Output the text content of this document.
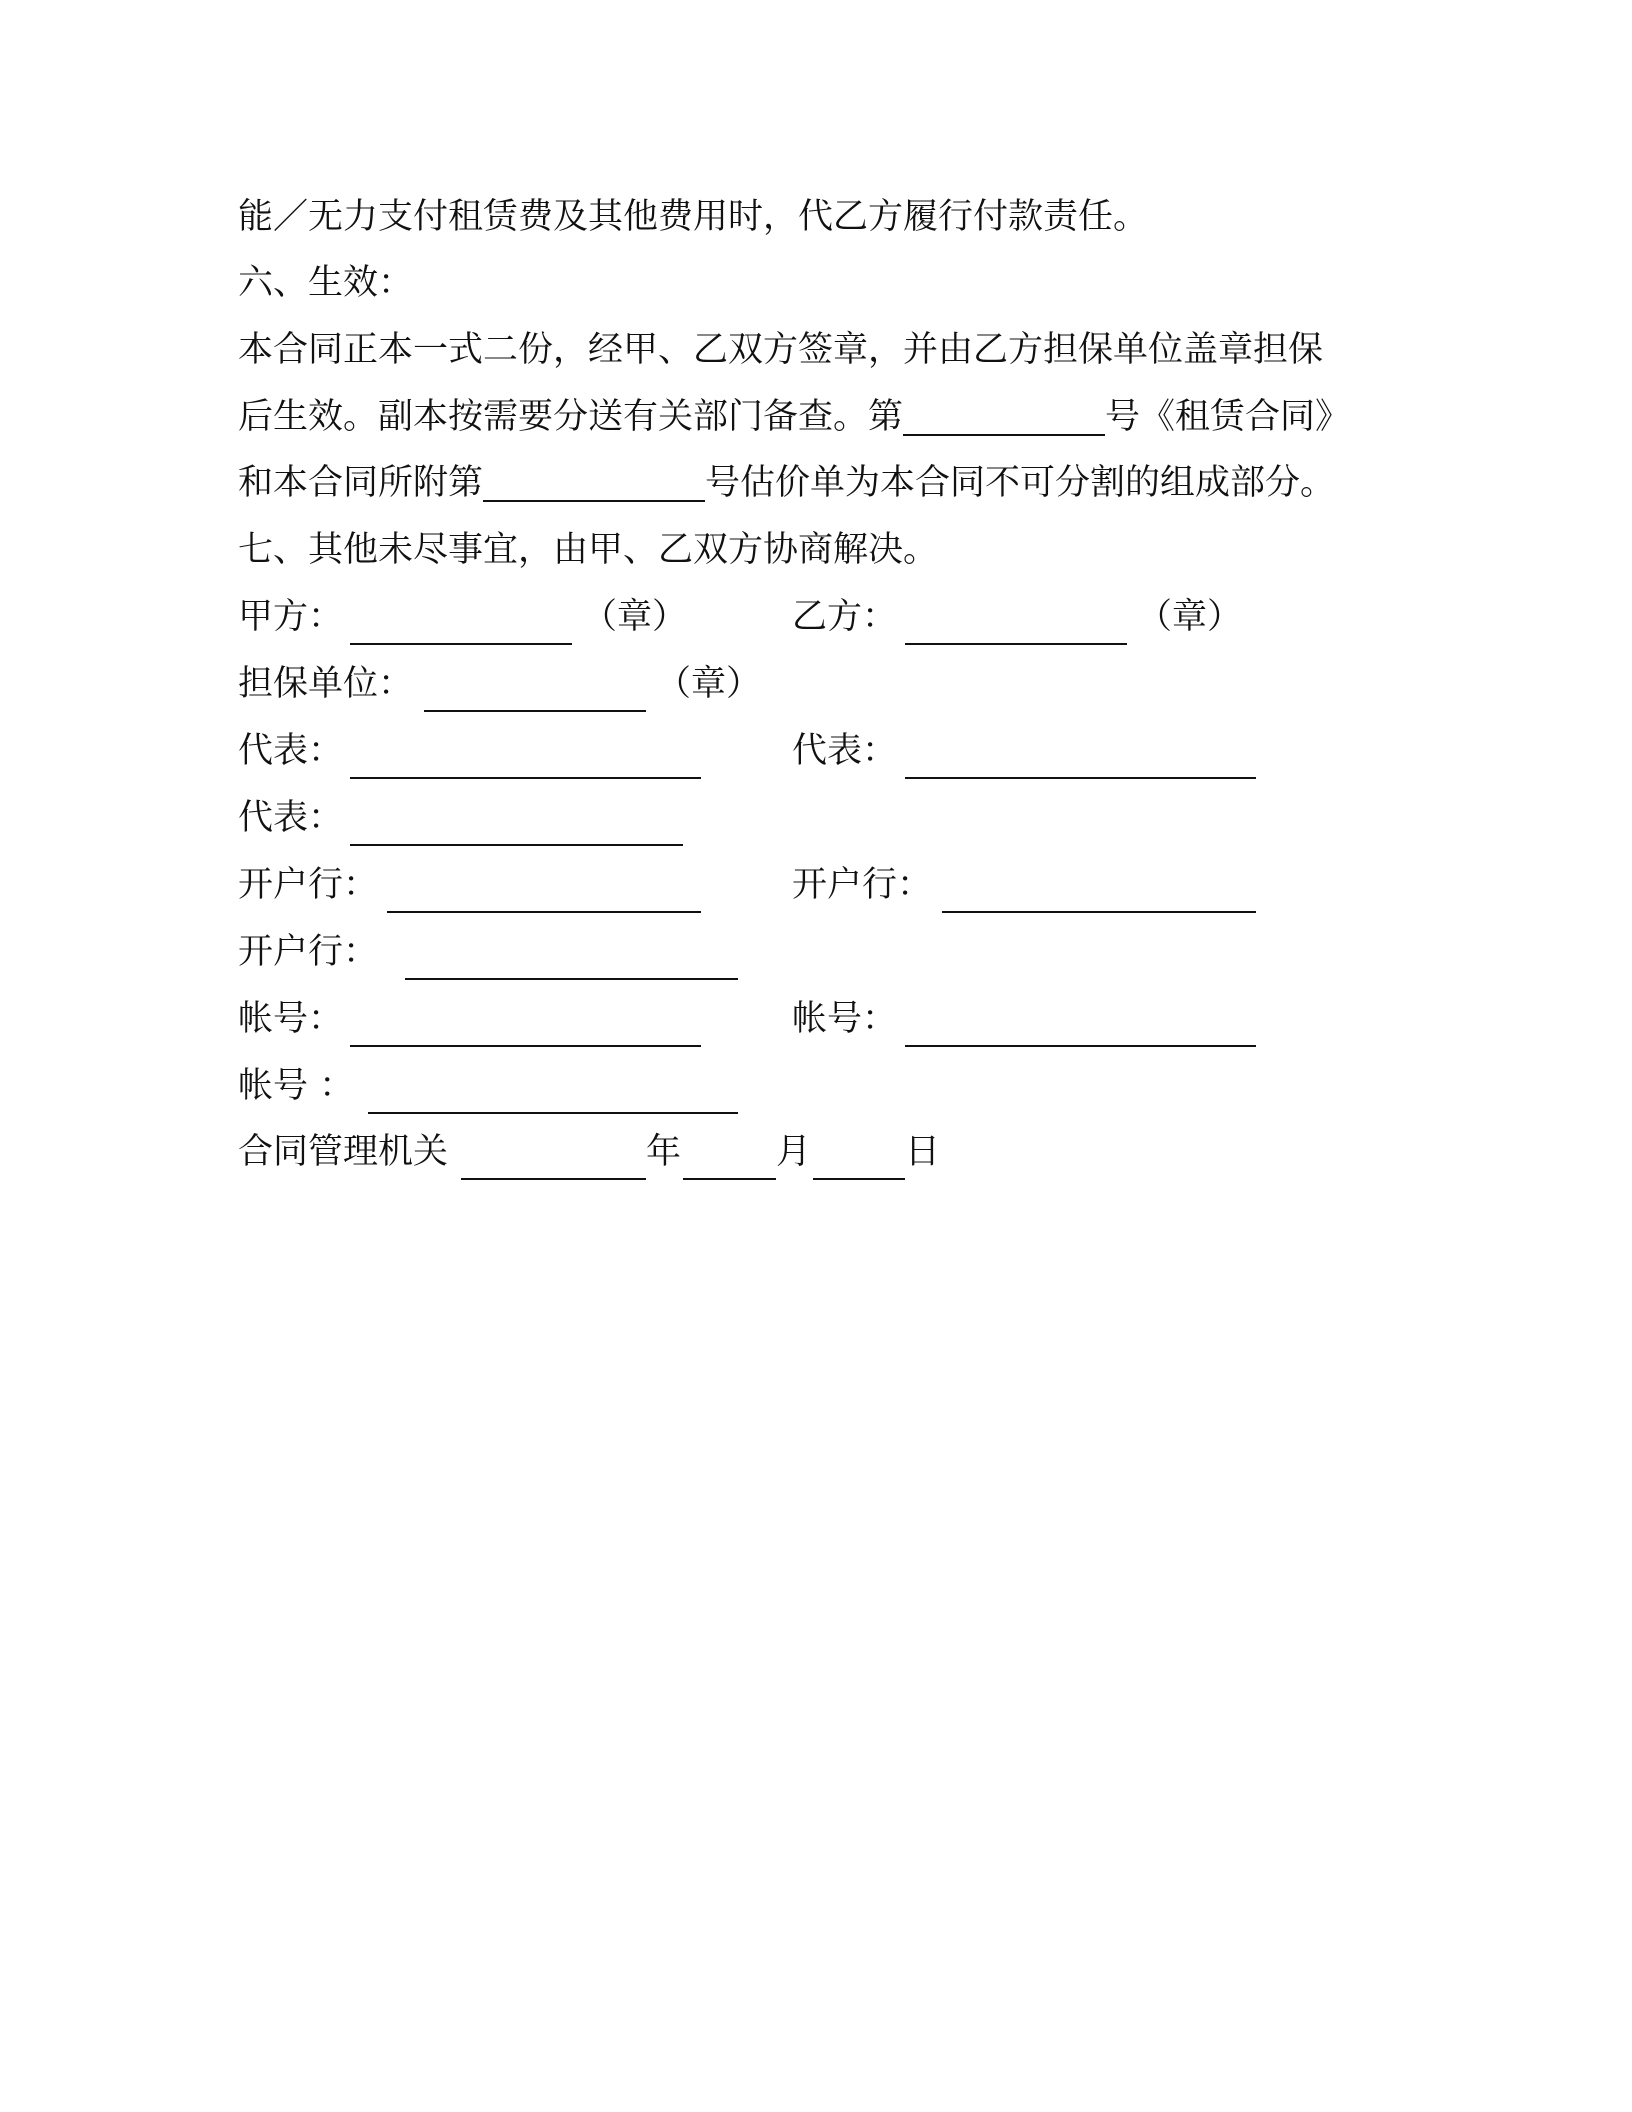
能／无力支付租赁费及其他费用时，代乙方履行付款责任。
六、生效：
本合同正本一式二份，经甲、乙双方签章，并由乙方担保单位盖章担保
后生效。副本按需要分送有关部门备查。第	号《租赁合同》
和本合同所附第	号估价单为本合同不可分割的组成部分。
七、其他未尽事宜，由甲、乙双方协商解决。
甲方：	（章）	乙方：	（章）
担保单位：	（章）
代表：	代表：
代表：
开户行：	开户行：
开户行：
帐号：	帐号：
帐号 ：
合同管理机关	年	月	日
